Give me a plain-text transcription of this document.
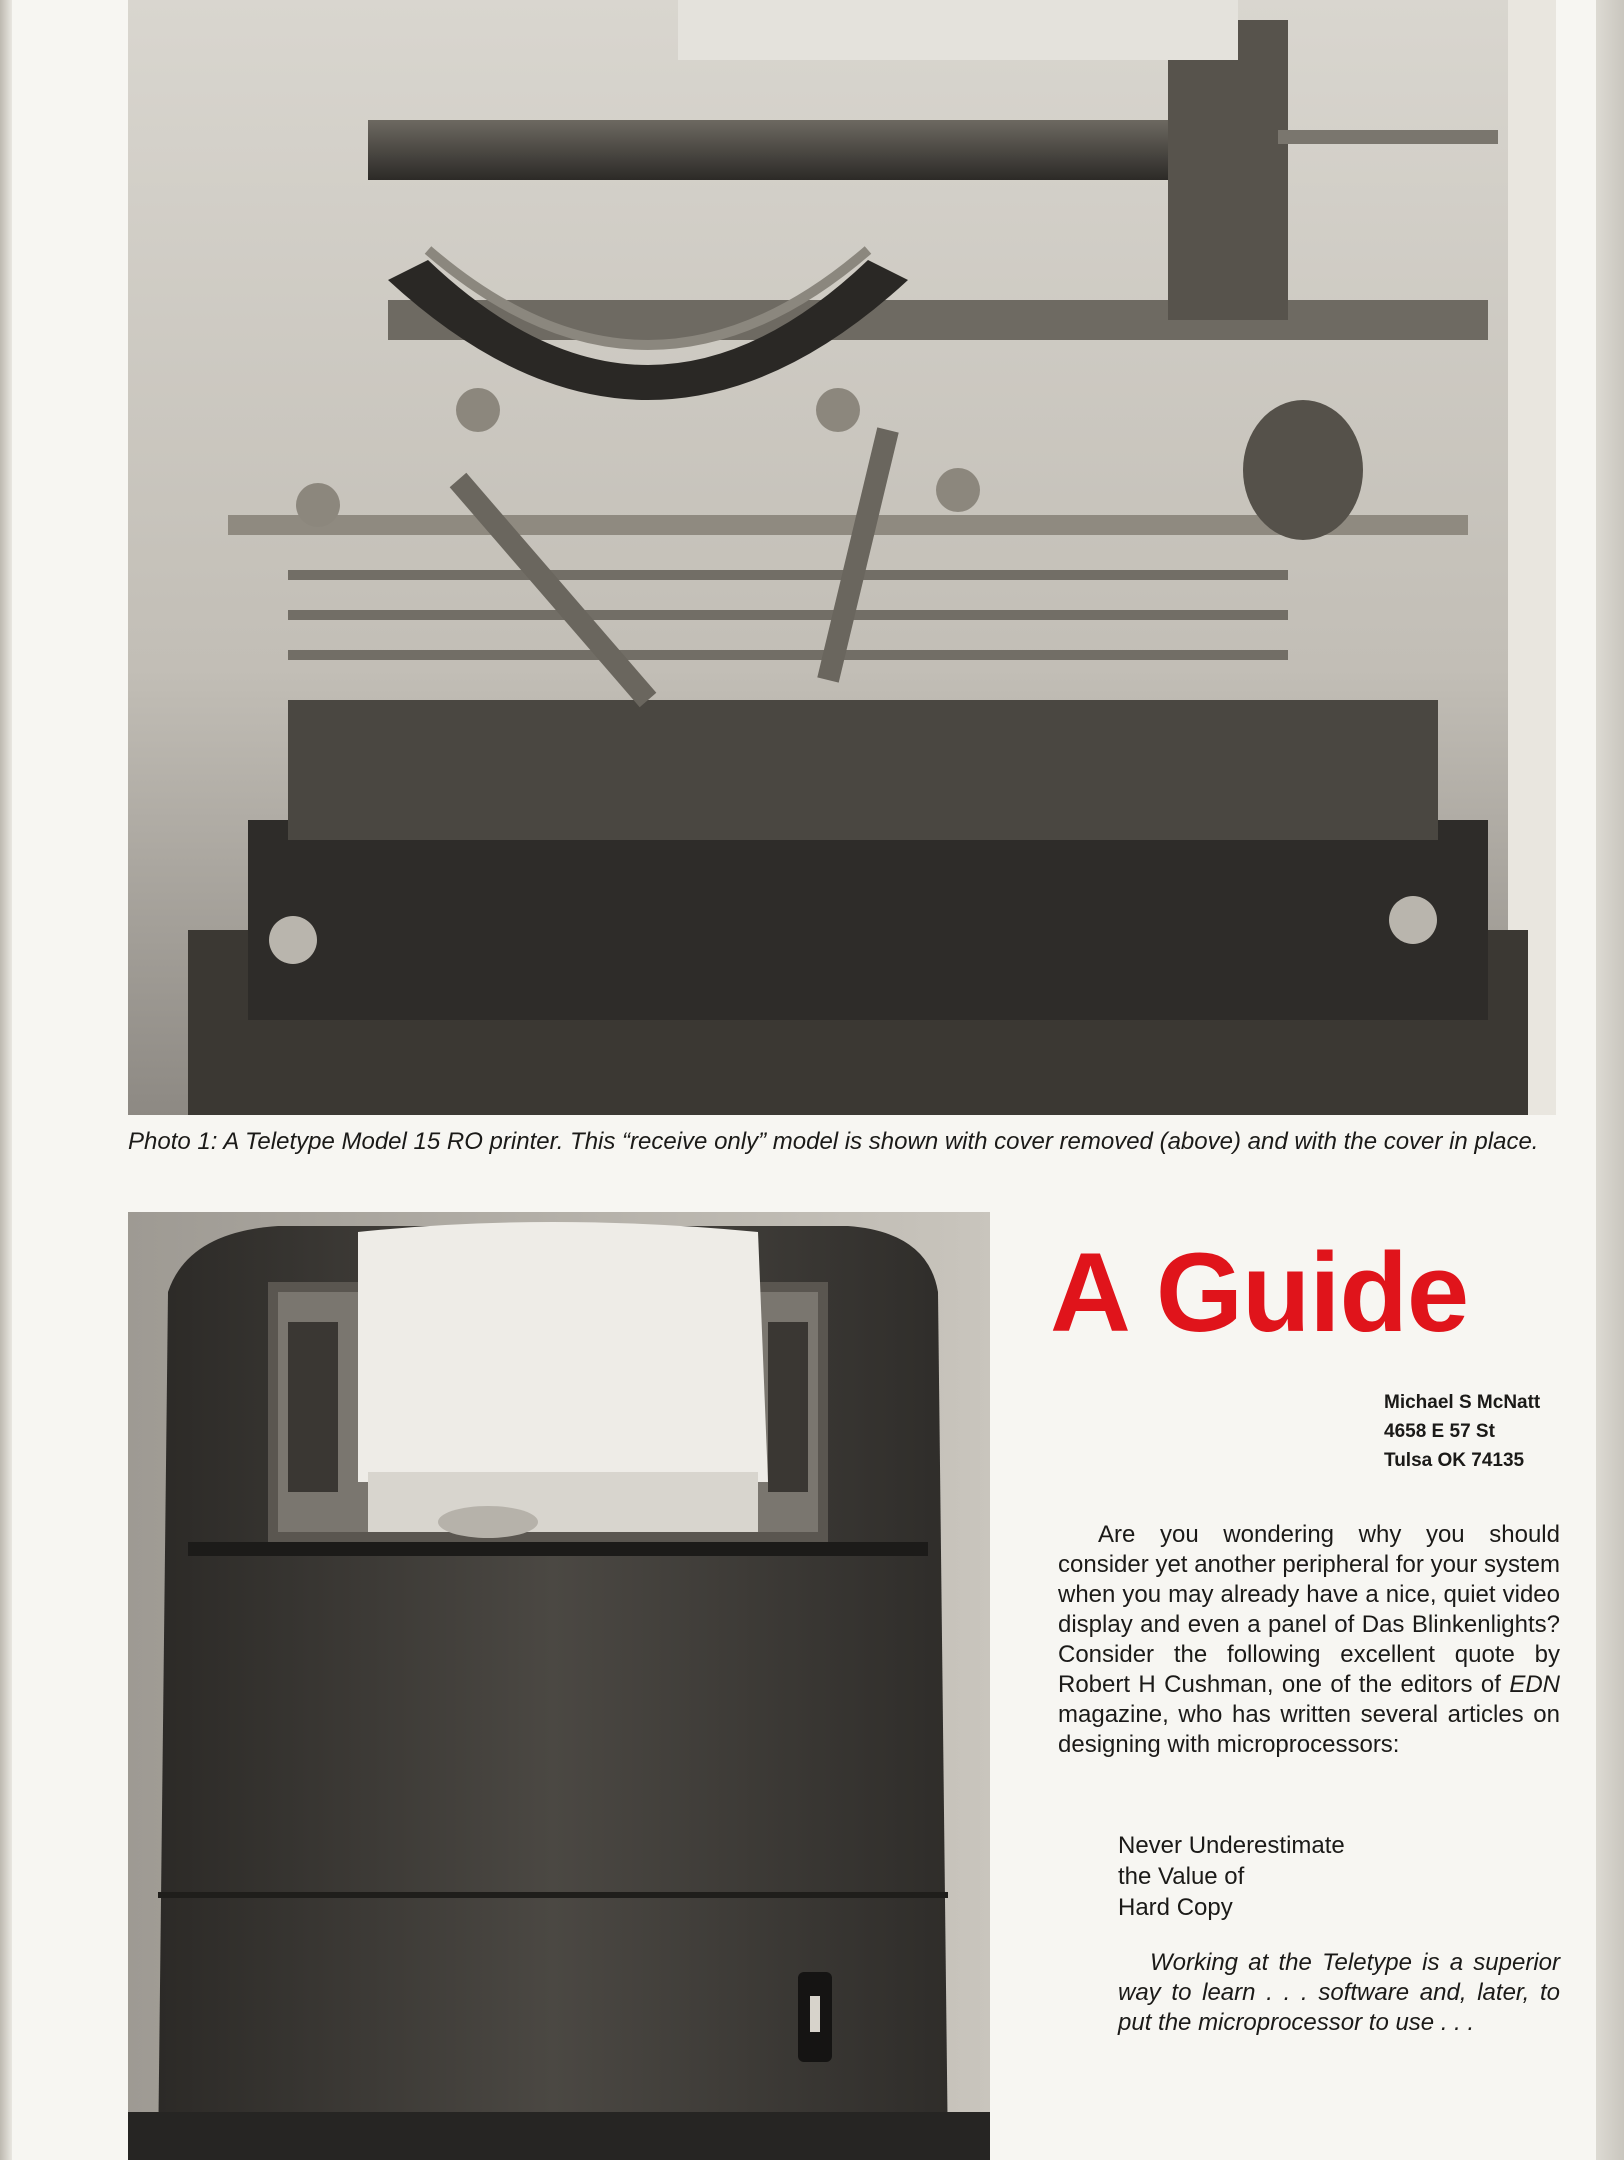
Photo 1: A Teletype Model 15 RO printer. This “receive only” model is shown with cover removed (above) and with the cover in place.
A Guide
Michael S McNatt
4658 E 57 St
Tulsa OK 74135
Are you wondering why you should consider yet another peripheral for your system when you may already have a nice, quiet video display and even a panel of Das Blinkenlights? Consider the following excellent quote by Robert H Cushman, one of the editors of EDN magazine, who has written several articles on designing with microprocessors:
Never Underestimate
the Value of
Hard Copy
Working at the Teletype is a superior way to learn . . . software and, later, to put the microprocessor to use . . .
